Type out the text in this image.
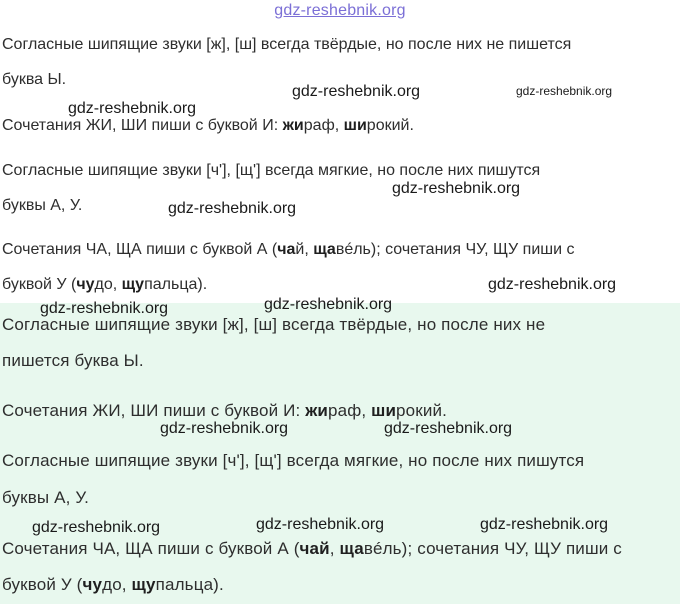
Согласные шипящие звуки [ж], [ш] всегда твёрдые, но после них не пишется
буква Ы.
Сочетания ЖИ, ШИ пиши с буквой И: жираф, широкий.
Согласные шипящие звуки [ч'], [щ'] всегда мягкие, но после них пишутся
буквы А, У.
Сочетания ЧА, ЩА пиши с буквой А (чай, щавéль); сочетания ЧУ, ЩУ пиши с
буквой У (чудо, щупальца).
Согласные шипящие звуки [ж], [ш] всегда твёрдые, но после них не
пишется буква Ы.
Сочетания ЖИ, ШИ пиши с буквой И: жираф, широкий.
Согласные шипящие звуки [ч'], [щ'] всегда мягкие, но после них пишутся
буквы А, У.
Сочетания ЧА, ЩА пиши с буквой А (чай, щавéль); сочетания ЧУ, ЩУ пиши с
буквой У (чудо, щупальца).
gdz-reshebnik.org
gdz-reshebnik.org	gdz-reshebnik.org
gdz-reshebnik.org
gdz-reshebnik.org
gdz-reshebnik.org
gdz-reshebnik.org
gdz-reshebnik.org
gdz-reshebnik.org
gdz-reshebnik.org	gdz-reshebnik.org
gdz-reshebnik.org	gdz-reshebnik.org	gdz-reshebnik.org
